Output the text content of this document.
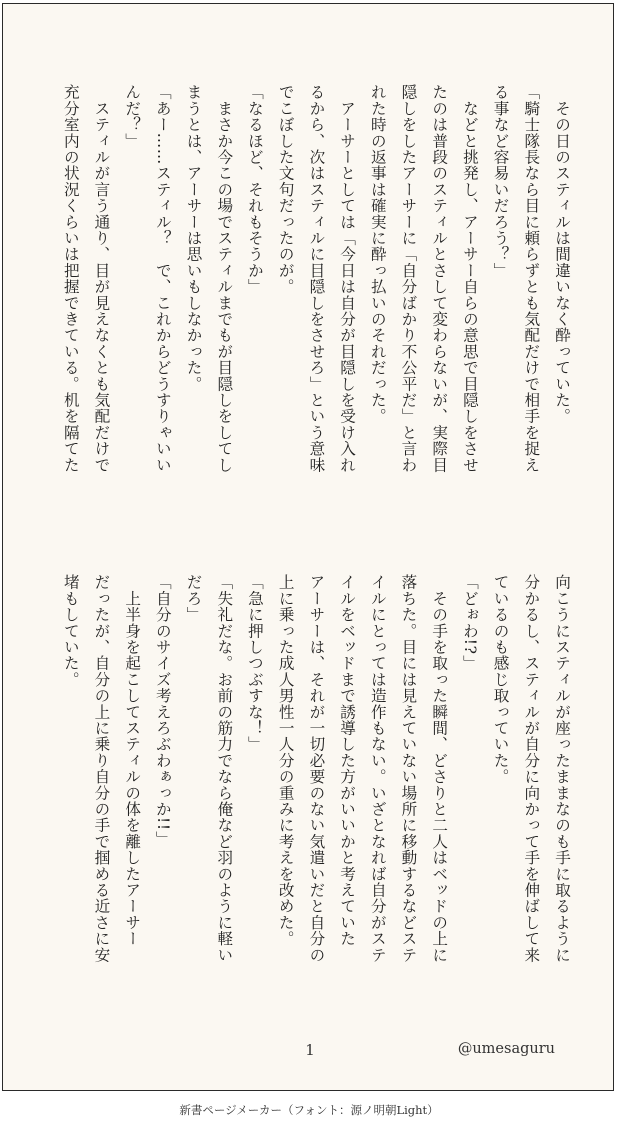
　その日のスティルは間違いなく酔っていた。
「騎士隊長なら目に頼らずとも気配だけで相手を捉え
る事など容易いだろう？」
　などと挑発し、アーサー自らの意思で目隠しをさせ
たのは普段のスティルとさして変わらないが、実際目
隠しをしたアーサーに「自分ばかり不公平だ」と言わ
れた時の返事は確実に酔っ払いのそれだった。
　アーサーとしては「今日は自分が目隠しを受け入れ
るから、次はスティルに目隠しをさせろ」という意味
でこぼした文句だったのが。
「なるほど、それもそうか」
　まさか今この場でスティルまでもが目隠しをしてし
まうとは、アーサーは思いもしなかった。
「あー……スティル？　で、これからどうすりゃいい
んだ？」
　スティルが言う通り、目が見えなくとも気配だけで
充分室内の状況くらいは把握できている。机を隔てた
向こうにスティルが座ったままなのも手に取るように
分かるし、スティルが自分に向かって手を伸ばして来
ているのも感じ取っていた。
「どぉわ!?」
　その手を取った瞬間、どさりと二人はベッドの上に
落ちた。目には見えていない場所に移動するなどステ
イルにとっては造作もない。いざとなれば自分がステ
イルをベッドまで誘導した方がいいかと考えていた
アーサーは、それが一切必要のない気遣いだと自分の
上に乗った成人男性一人分の重みに考えを改めた。
「急に押しつぶすな！」
「失礼だな。お前の筋力でなら俺など羽のように軽い
だろ」
「自分のサイズ考えろぶわぁっか!!」
　上半身を起こしてスティルの体を離したアーサー
だったが、自分の上に乗り自分の手で掴める近さに安
堵もしていた。
1	@umesaguru
新書ページメーカー（フォント：源ノ明朝Light）
